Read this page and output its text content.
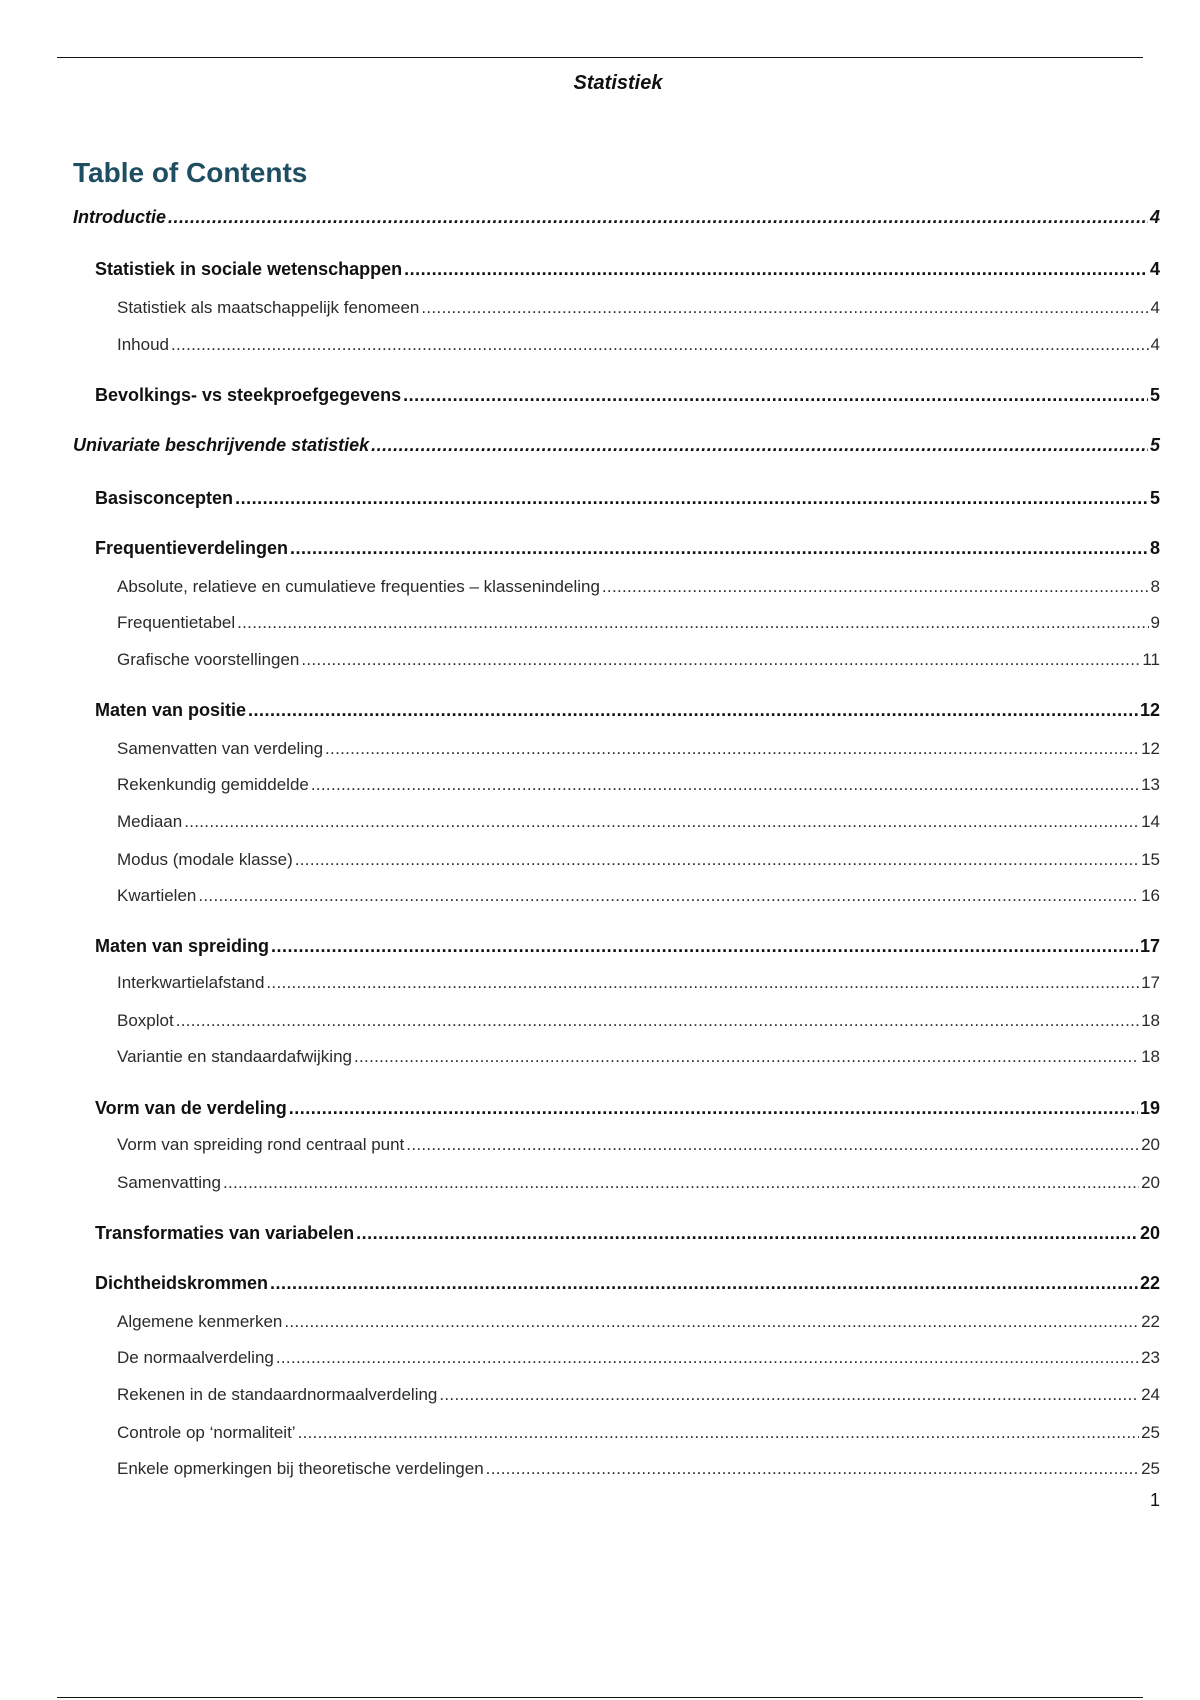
Statistiek
Table of Contents
Introductie .....	4
Statistiek in sociale wetenschappen .....	4
Statistiek als maatschappelijk fenomeen .....	4
Inhoud .....	4
Bevolkings- vs steekproefgegevens .....	5
Univariate beschrijvende statistiek .....	5
Basisconcepten .....	5
Frequentieverdelingen .....	8
Absolute, relatieve en cumulatieve frequenties – klassenindeling .....	8
Frequentietabel .....	9
Grafische voorstellingen .....	11
Maten van positie .....	12
Samenvatten van verdeling .....	12
Rekenkundig gemiddelde .....	13
Mediaan .....	14
Modus (modale klasse) .....	15
Kwartielen .....	16
Maten van spreiding .....	17
Interkwartielafstand .....	17
Boxplot .....	18
Variantie en standaardafwijking .....	18
Vorm van de verdeling .....	19
Vorm van spreiding rond centraal punt .....	20
Samenvatting .....	20
Transformaties van variabelen .....	20
Dichtheidskrommen .....	22
Algemene kenmerken .....	22
De normaalverdeling .....	23
Rekenen in de standaardnormaalverdeling .....	24
Controle op ‘normaliteit’ .....	25
Enkele opmerkingen bij theoretische verdelingen .....	25
1
